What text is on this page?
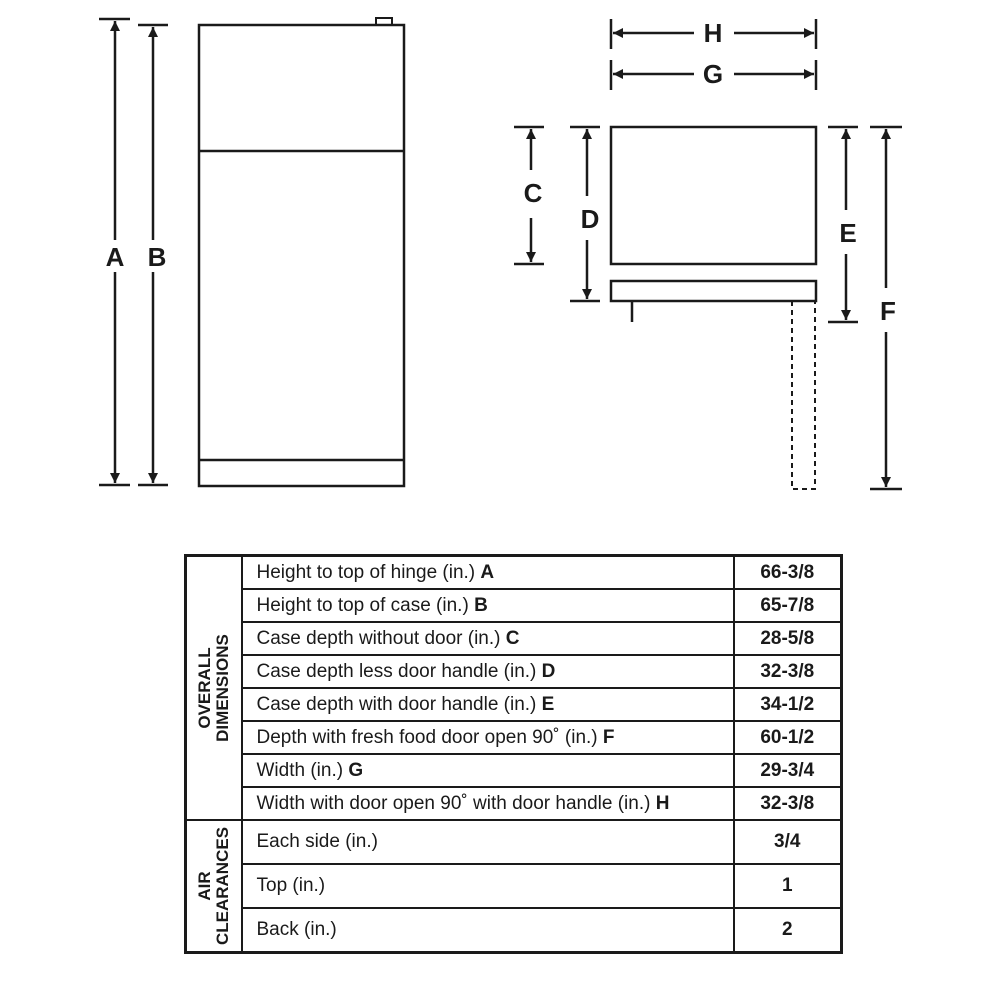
A B
H
G
C
D	E
F
OVERALL
DIMENSIONS	Height to top of hinge (in.) A	66-3/8
	Height to top of case (in.) B	65-7/8
	Case depth without door (in.) C	28-5/8
	Case depth less door handle (in.) D	32-3/8
	Case depth with door handle (in.) E	34-1/2
	Depth with fresh food door open 90˚ (in.) F	60-1/2
	Width (in.) G	29-3/4
	Width with door open 90˚ with door handle (in.) H	32-3/8

AIR
CLEARANCES	Each side (in.)	3/4
	Top (in.)	1
	Back (in.)	2
